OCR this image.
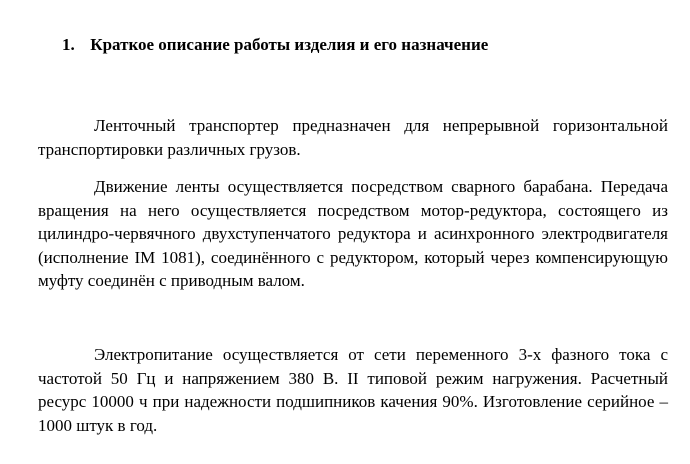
1. Краткое описание работы изделия и его назначение

Ленточный транспортер предназначен для непрерывной горизонтальной транспортировки различных грузов.

Движение ленты осуществляется посредством сварного барабана. Передача вращения на него осуществляется посредством мотор-редуктора, состоящего из цилиндро-червячного двухступенчатого редуктора и асинхронного электродвигателя (исполнение IM 1081), соединённого с редуктором, который через компенсирующую муфту соединён с приводным валом.

Электропитание осуществляется от сети переменного 3-х фазного тока с частотой 50 Гц и напряжением 380 В. II типовой режим нагружения. Расчетный ресурс 10000 ч при надежности подшипников качения 90%. Изготовление серийное – 1000 штук в год.
